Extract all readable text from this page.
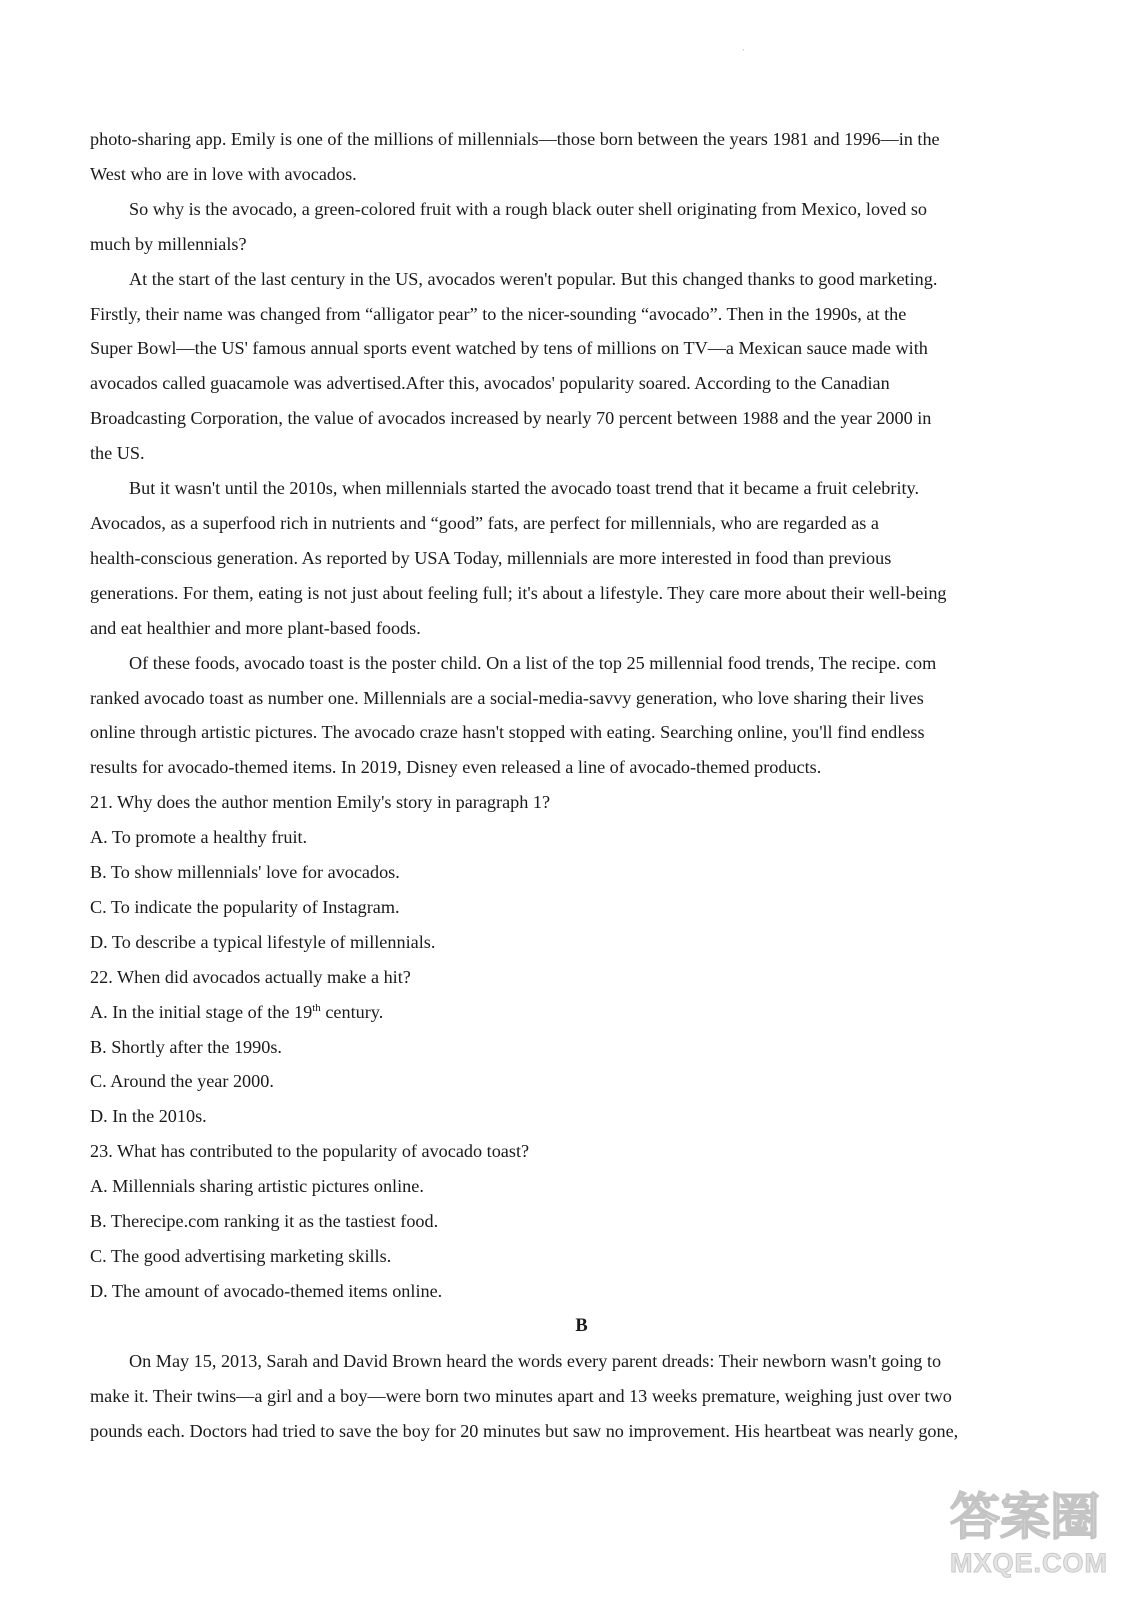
`
photo-sharing app. Emily is one of the millions of millennials—those born between the years 1981 and 1996—in the
West who are in love with avocados.
So why is the avocado, a green-colored fruit with a rough black outer shell originating from Mexico, loved so
much by millennials?
At the start of the last century in the US, avocados weren't popular. But this changed thanks to good marketing.
Firstly, their name was changed from “alligator pear” to the nicer-sounding “avocado”. Then in the 1990s, at the
Super Bowl—the US' famous annual sports event watched by tens of millions on TV—a Mexican sauce made with
avocados called guacamole was advertised.After this, avocados' popularity soared. According to the Canadian
Broadcasting Corporation, the value of avocados increased by nearly 70 percent between 1988 and the year 2000 in
the US.
But it wasn't until the 2010s, when millennials started the avocado toast trend that it became a fruit celebrity.
Avocados, as a superfood rich in nutrients and “good” fats, are perfect for millennials, who are regarded as a
health-conscious generation. As reported by USA Today, millennials are more interested in food than previous
generations. For them, eating is not just about feeling full; it's about a lifestyle. They care more about their well-being
and eat healthier and more plant-based foods.
Of these foods, avocado toast is the poster child. On a list of the top 25 millennial food trends, The recipe. com
ranked avocado toast as number one. Millennials are a social-media-savvy generation, who love sharing their lives
online through artistic pictures. The avocado craze hasn't stopped with eating. Searching online, you'll find endless
results for avocado-themed items. In 2019, Disney even released a line of avocado-themed products.
21. Why does the author mention Emily's story in paragraph 1?
A. To promote a healthy fruit.
B. To show millennials' love for avocados.
C. To indicate the popularity of Instagram.
D. To describe a typical lifestyle of millennials.
22. When did avocados actually make a hit?
A. In the initial stage of the 19th century.
B. Shortly after the 1990s.
C. Around the year 2000.
D. In the 2010s.
23. What has contributed to the popularity of avocado toast?
A. Millennials sharing artistic pictures online.
B. Therecipe.com ranking it as the tastiest food.
C. The good advertising marketing skills.
D. The amount of avocado-themed items online.
B
On May 15, 2013, Sarah and David Brown heard the words every parent dreads: Their newborn wasn't going to
make it. Their twins—a girl and a boy—were born two minutes apart and 13 weeks premature, weighing just over two
pounds each. Doctors had tried to save the boy for 20 minutes but saw no improvement. His heartbeat was nearly gone,
答案圈
MXQE.COM
